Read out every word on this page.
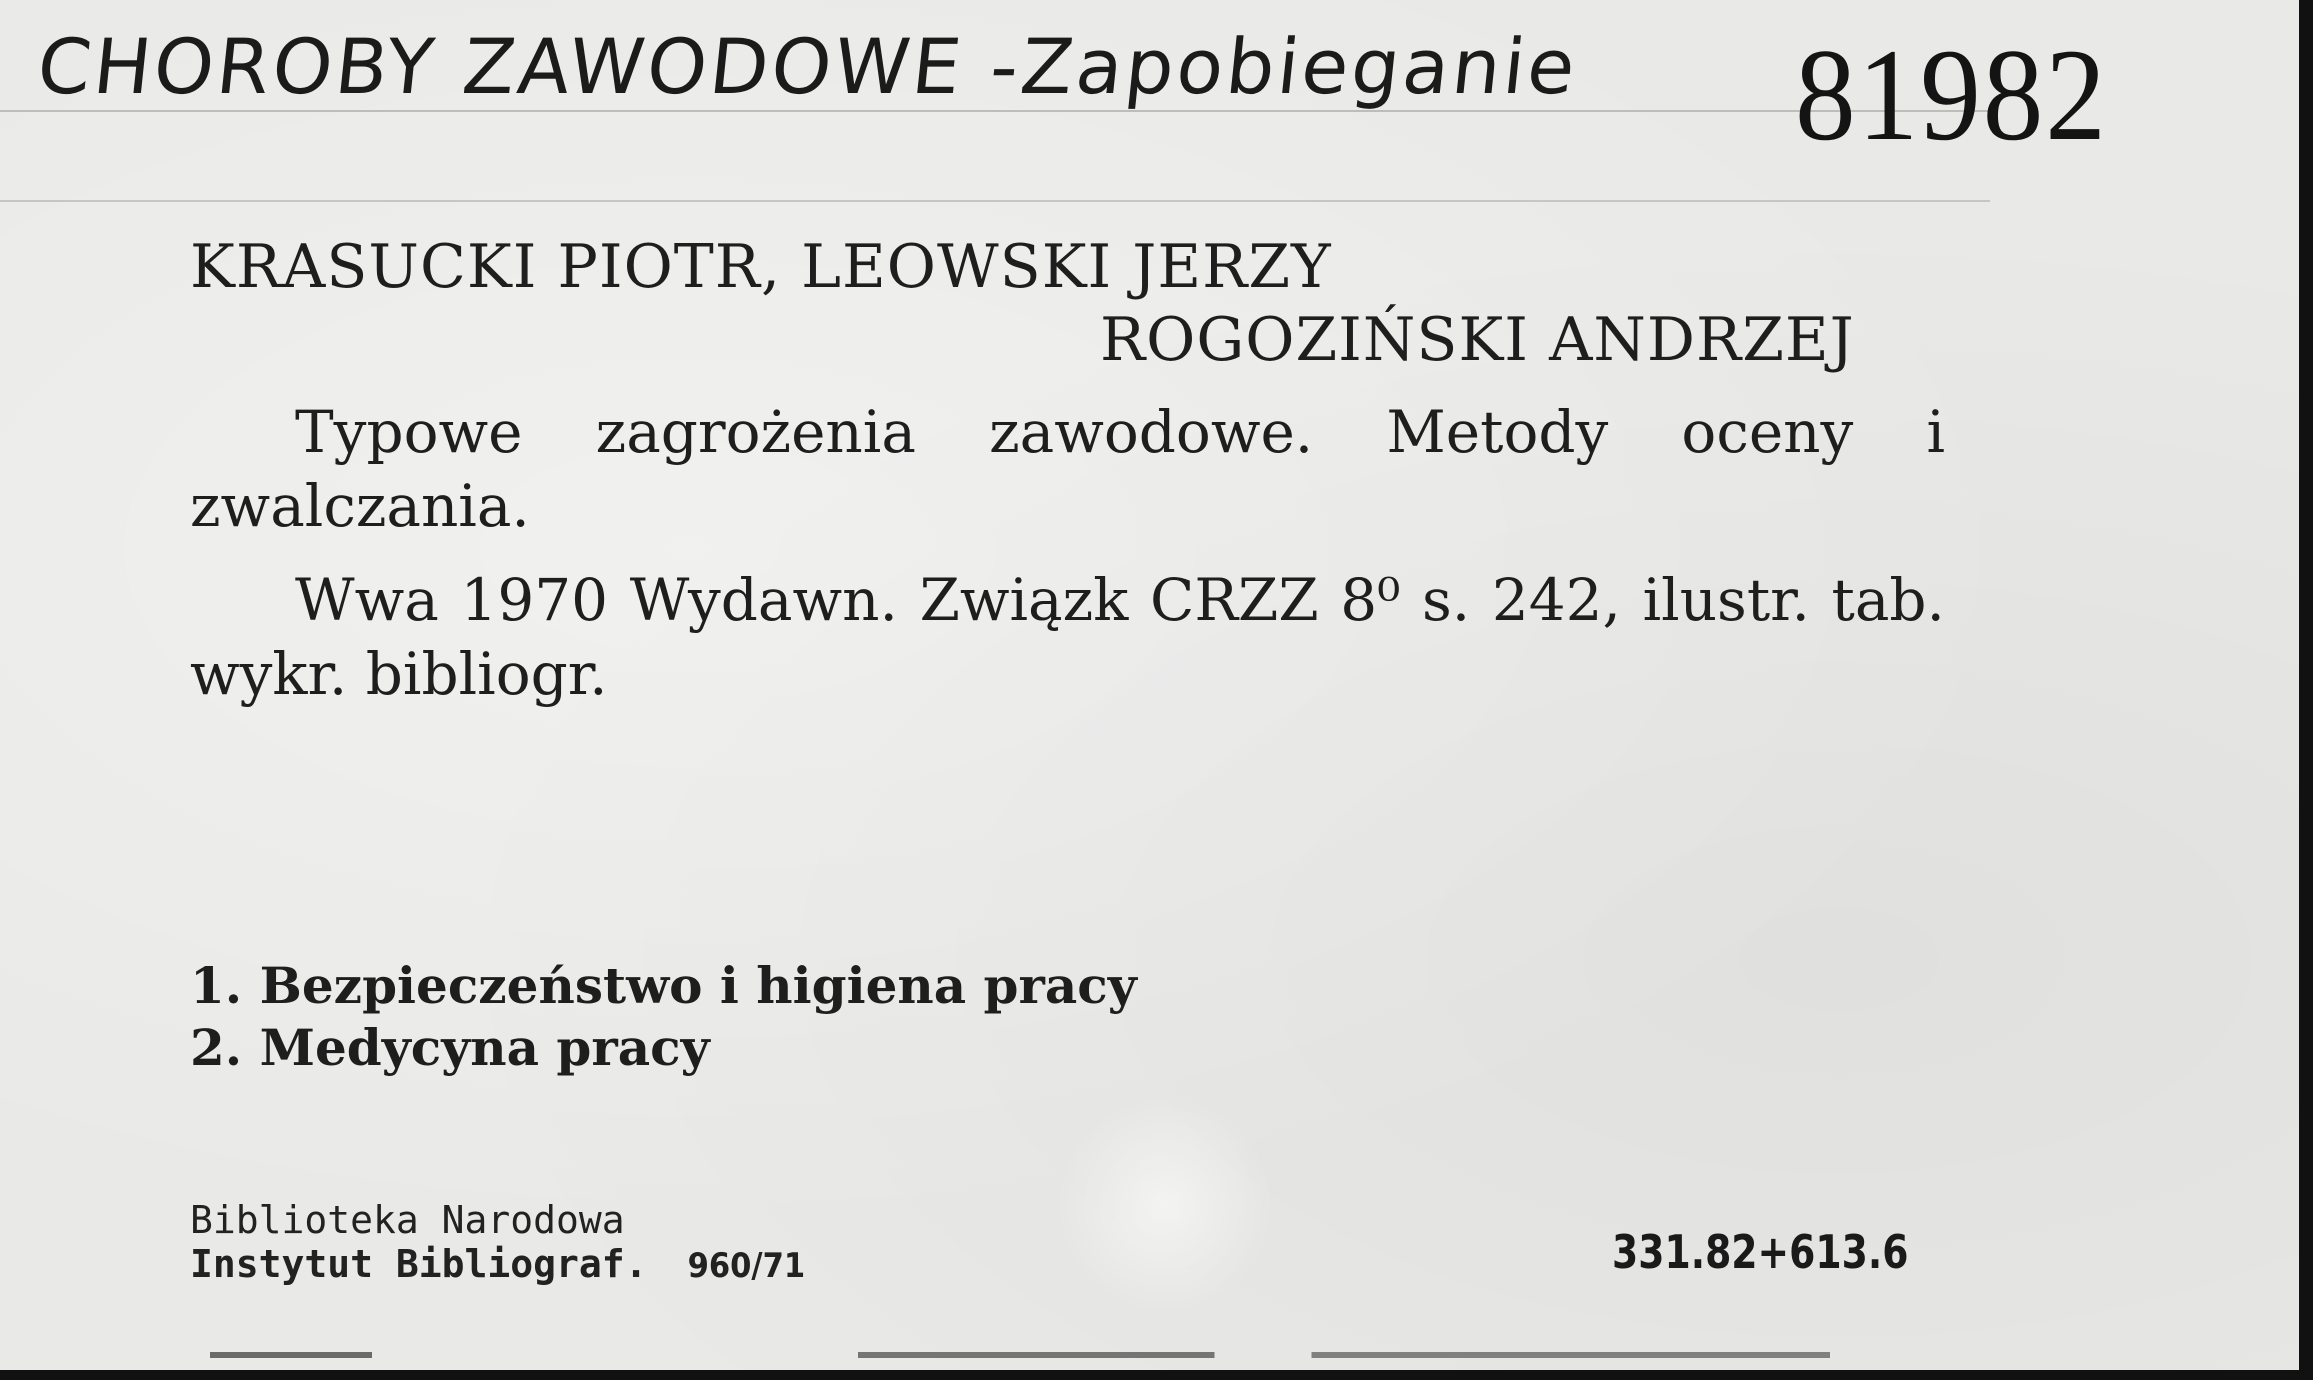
CHOROBY ZAWODOWE -Zapobieganie	81982
KRASUCKI PIOTR, LEOWSKI JERZY
ROGOZIŃSKI ANDRZEJ
Typowe zagrożenia zawodowe. Metody oceny i zwalczania.
Wwa 1970 Wydawn. Związk CRZZ 8⁰ s. 242, ilustr. tab. wykr. bibliogr.
1. Bezpieczeństwo i higiena pracy
2. Medycyna pracy
Biblioteka Narodowa
Instytut Bibliograf. 960/71	331.82+613.6
